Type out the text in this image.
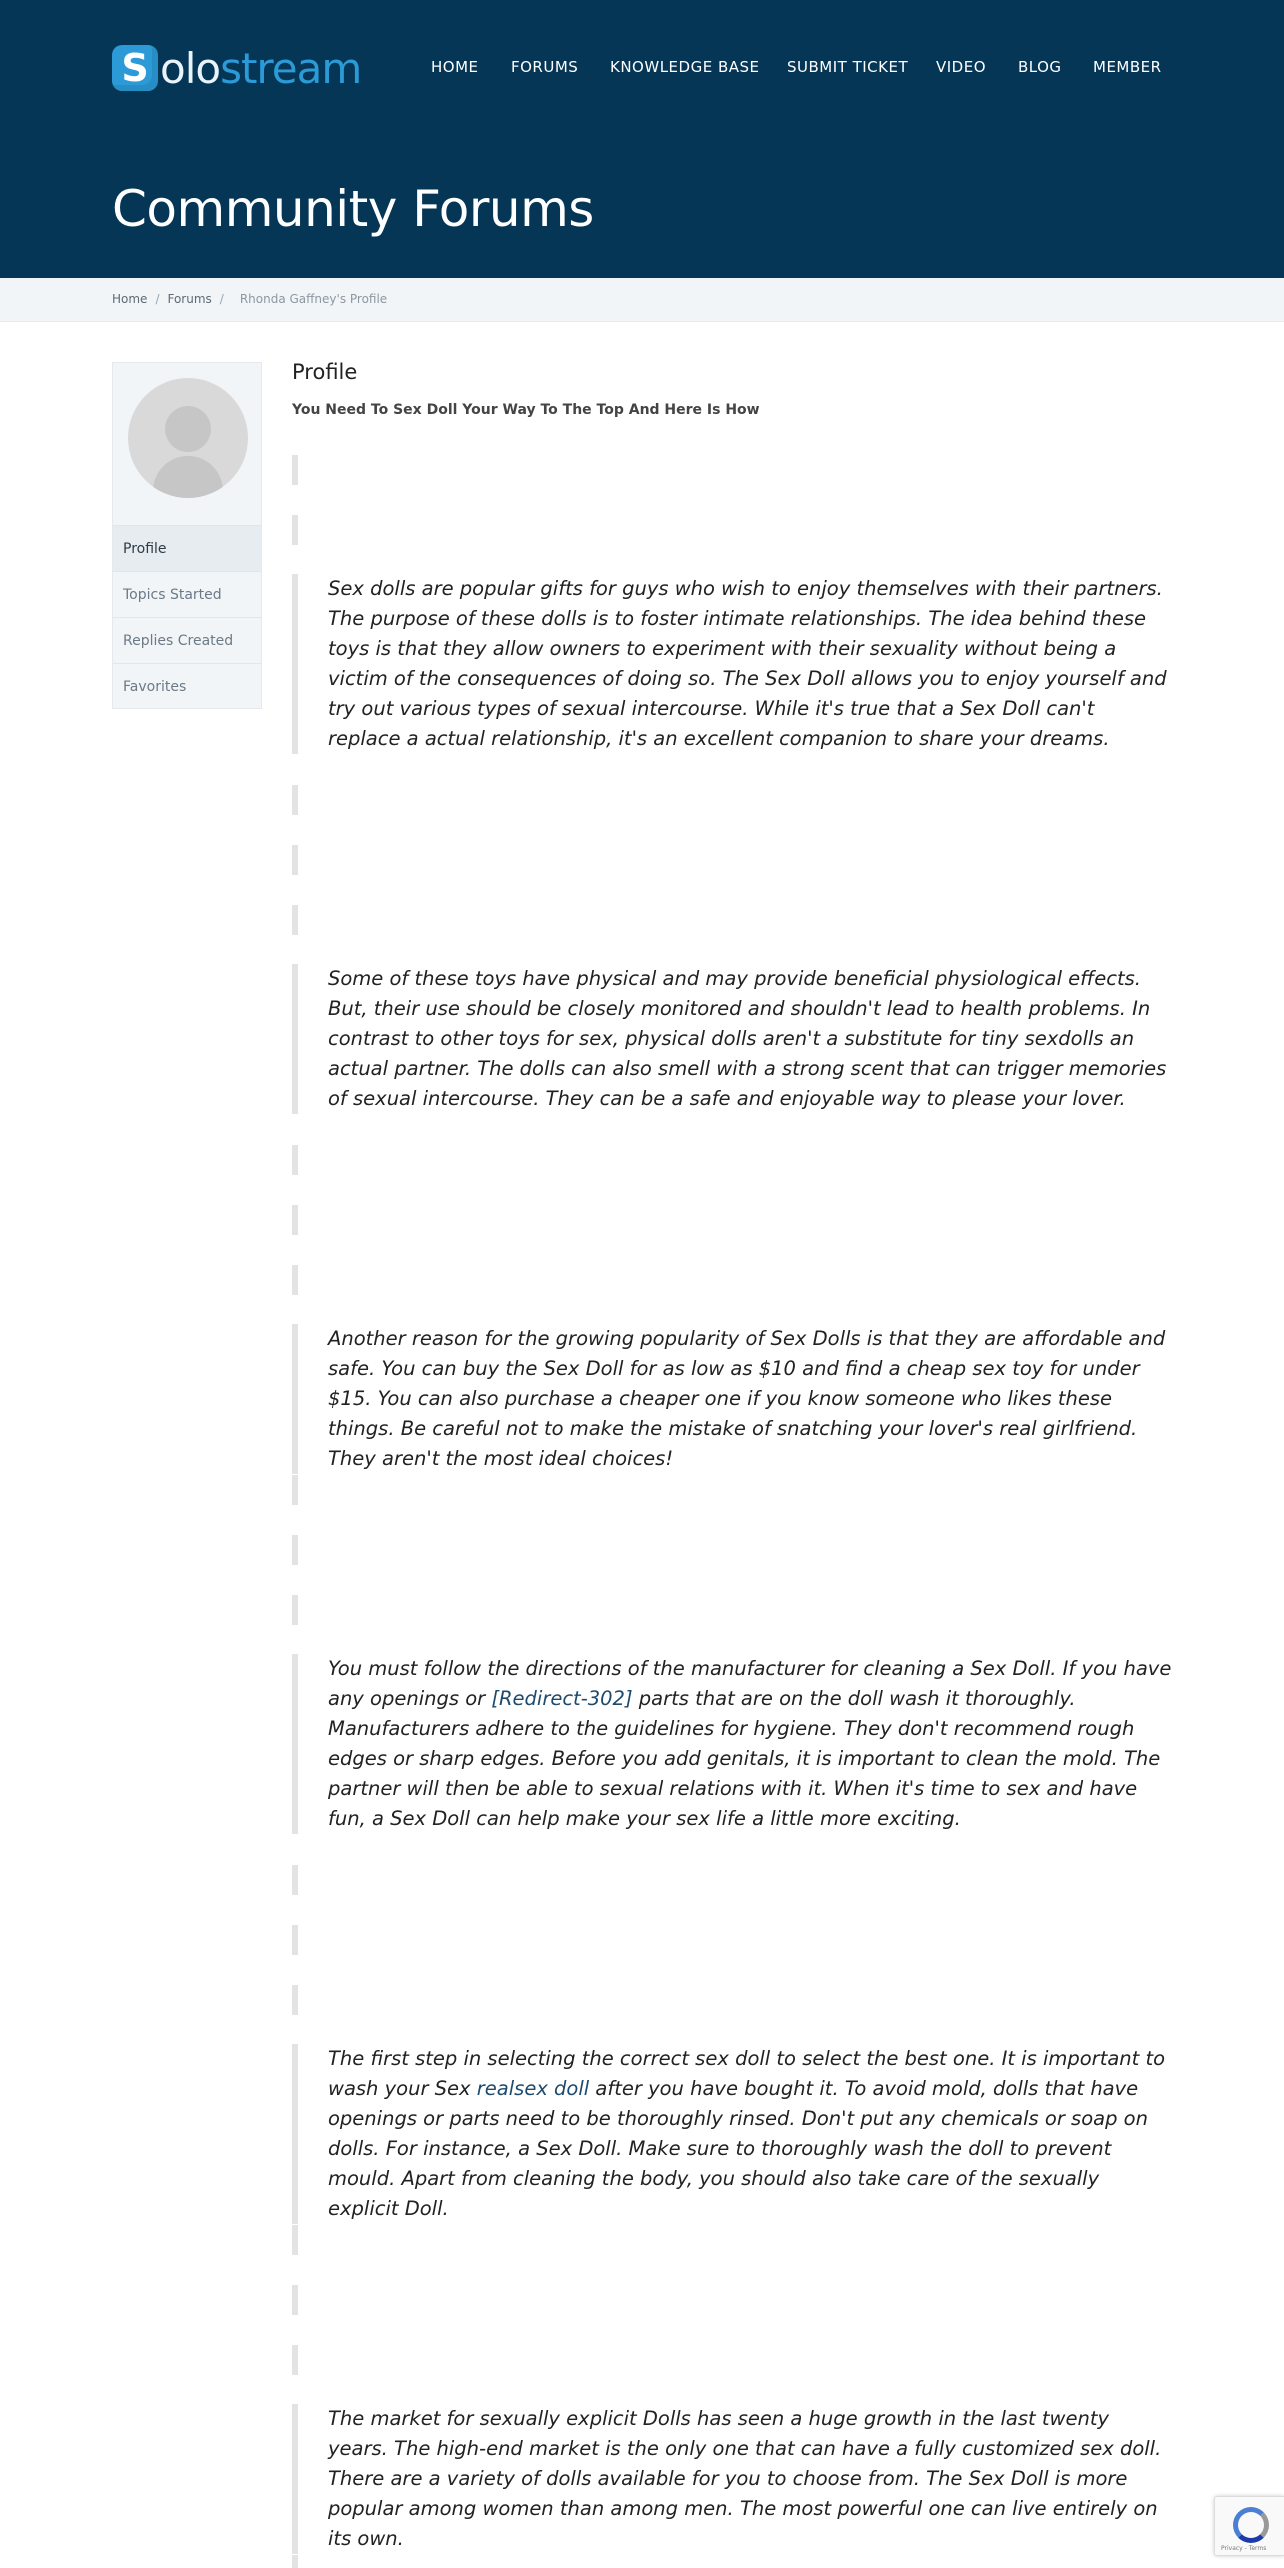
S olo stream	HOME FORUMS KNOWLEDGE BASE SUBMIT TICKET VIDEO BLOG MEMBER
Community Forums
Home / Forums / Rhonda Gaffney's Profile
Profile
Topics Started
Replies Created
Favorites
Profile
You Need To Sex Doll Your Way To The Top And Here Is How

Sex dolls are popular gifts for guys who wish to enjoy themselves with their partners. The purpose of these dolls is to foster intimate relationships. The idea behind these toys is that they allow owners to experiment with their sexuality without being a victim of the consequences of doing so. The Sex Doll allows you to enjoy yourself and try out various types of sexual intercourse. While it's true that a Sex Doll can't replace a actual relationship, it's an excellent companion to share your dreams.

Some of these toys have physical and may provide beneficial physiological effects. But, their use should be closely monitored and shouldn't lead to health problems. In contrast to other toys for sex, physical dolls aren't a substitute for tiny sexdolls an actual partner. The dolls can also smell with a strong scent that can trigger memories of sexual intercourse. They can be a safe and enjoyable way to please your lover.

Another reason for the growing popularity of Sex Dolls is that they are affordable and safe. You can buy the Sex Doll for as low as $10 and find a cheap sex toy for under $15. You can also purchase a cheaper one if you know someone who likes these things. Be careful not to make the mistake of snatching your lover's real girlfriend. They aren't the most ideal choices!

You must follow the directions of the manufacturer for cleaning a Sex Doll. If you have any openings or [Redirect-302] parts that are on the doll wash it thoroughly. Manufacturers adhere to the guidelines for hygiene. They don't recommend rough edges or sharp edges. Before you add genitals, it is important to clean the mold. The partner will then be able to sexual relations with it. When it's time to sex and have fun, a Sex Doll can help make your sex life a little more exciting.

The first step in selecting the correct sex doll to select the best one. It is important to wash your Sex realsex doll after you have bought it. To avoid mold, dolls that have openings or parts need to be thoroughly rinsed. Don't put any chemicals or soap on dolls. For instance, a Sex Doll. Make sure to thoroughly wash the doll to prevent mould. Apart from cleaning the body, you should also take care of the sexually explicit Doll.

The market for sexually explicit Dolls has seen a huge growth in the last twenty years. The high-end market is the only one that can have a fully customized sex doll. There are a variety of dolls available for you to choose from. The Sex Doll is more popular among women than among men. The most powerful one can live entirely on its own.	Privacy - Terms
